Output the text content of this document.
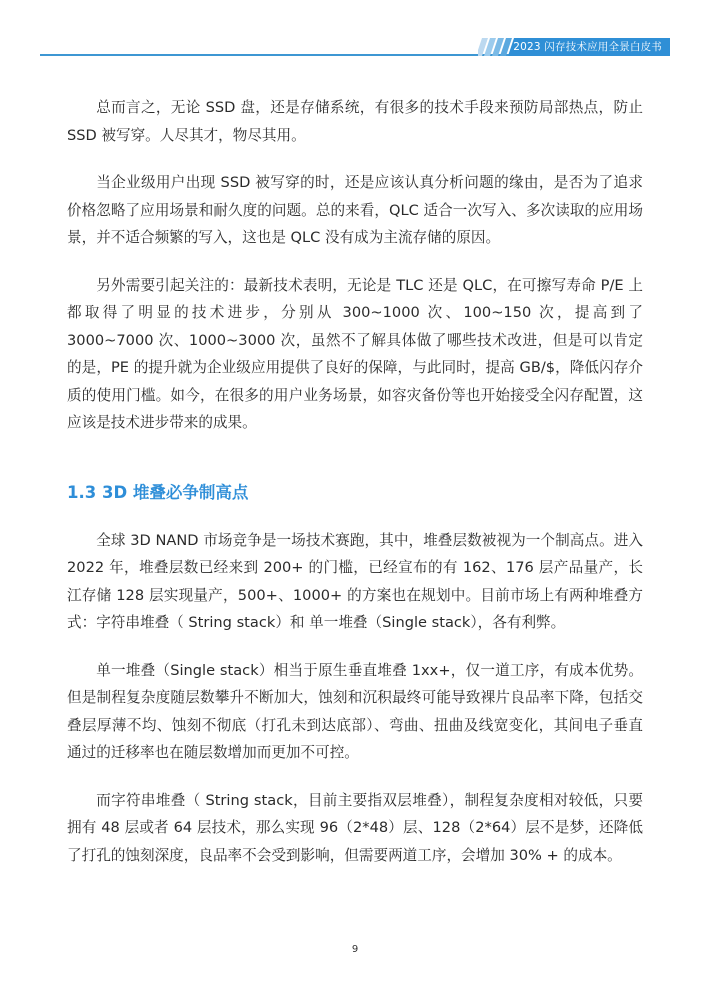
2023 闪存技术应用全景白皮书

总而言之，无论 SSD 盘，还是存储系统，有很多的技术手段来预防局部热点，防止 SSD 被写穿。人尽其才，物尽其用。

当企业级用户出现 SSD 被写穿的时，还是应该认真分析问题的缘由，是否为了追求价格忽略了应用场景和耐久度的问题。总的来看，QLC 适合一次写入、多次读取的应用场景，并不适合频繁的写入，这也是 QLC 没有成为主流存储的原因。

另外需要引起关注的：最新技术表明，无论是 TLC 还是 QLC，在可擦写寿命 P/E 上都取得了明显的技术进步，分别从 300~1000 次、100~150 次，提高到了 3000~7000 次、1000~3000 次，虽然不了解具体做了哪些技术改进，但是可以肯定的是，PE 的提升就为企业级应用提供了良好的保障，与此同时，提高 GB/$，降低闪存介质的使用门槛。如今，在很多的用户业务场景，如容灾备份等也开始接受全闪存配置，这应该是技术进步带来的成果。

1.3 3D 堆叠必争制高点

全球 3D NAND 市场竞争是一场技术赛跑，其中，堆叠层数被视为一个制高点。进入 2022 年，堆叠层数已经来到 200+ 的门槛，已经宣布的有 162、176 层产品量产，长江存储 128 层实现量产，500+、1000+ 的方案也在规划中。目前市场上有两种堆叠方式：字符串堆叠（ String stack）和 单一堆叠（Single stack），各有利弊。

单一堆叠（Single stack）相当于原生垂直堆叠 1xx+，仅一道工序，有成本优势。但是制程复杂度随层数攀升不断加大，蚀刻和沉积最终可能导致裸片良品率下降，包括交叠层厚薄不均、蚀刻不彻底（打孔未到达底部）、弯曲、扭曲及线宽变化，其间电子垂直通过的迁移率也在随层数增加而更加不可控。

而字符串堆叠（ String stack，目前主要指双层堆叠），制程复杂度相对较低，只要拥有 48 层或者 64 层技术，那么实现 96（2*48）层、128（2*64）层不是梦，还降低了打孔的蚀刻深度，良品率不会受到影响，但需要两道工序，会增加 30% + 的成本。

9
